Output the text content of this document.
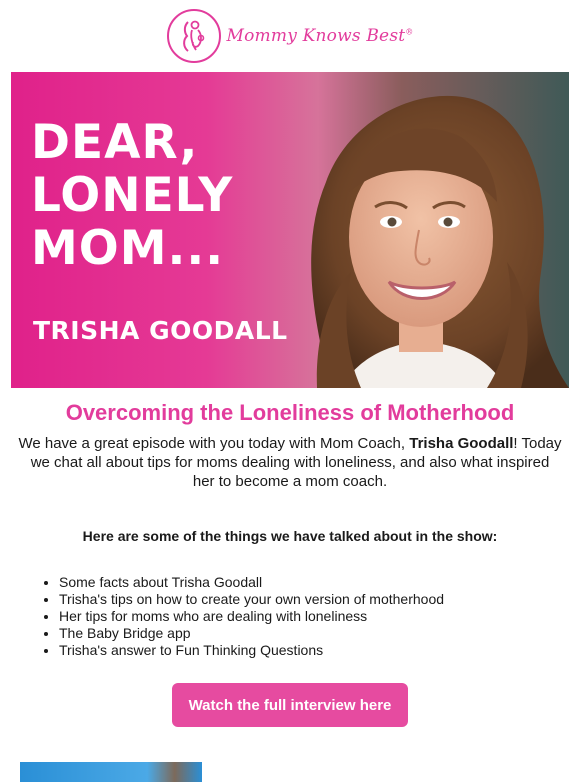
Mommy Knows Best®
DEAR,
LONELY
MOM...
TRISHA GOODALL
Overcoming the Loneliness of Motherhood

We have a great episode with you today with Mom Coach, Trisha Goodall! Today we chat all about tips for moms dealing with loneliness, and also what inspired her to become a mom coach.

Here are some of the things we have talked about in the show:
• Some facts about Trisha Goodall
• Trisha's tips on how to create your own version of motherhood
• Her tips for moms who are dealing with loneliness
• The Baby Bridge app
• Trisha's answer to Fun Thinking Questions
Watch the full interview here
